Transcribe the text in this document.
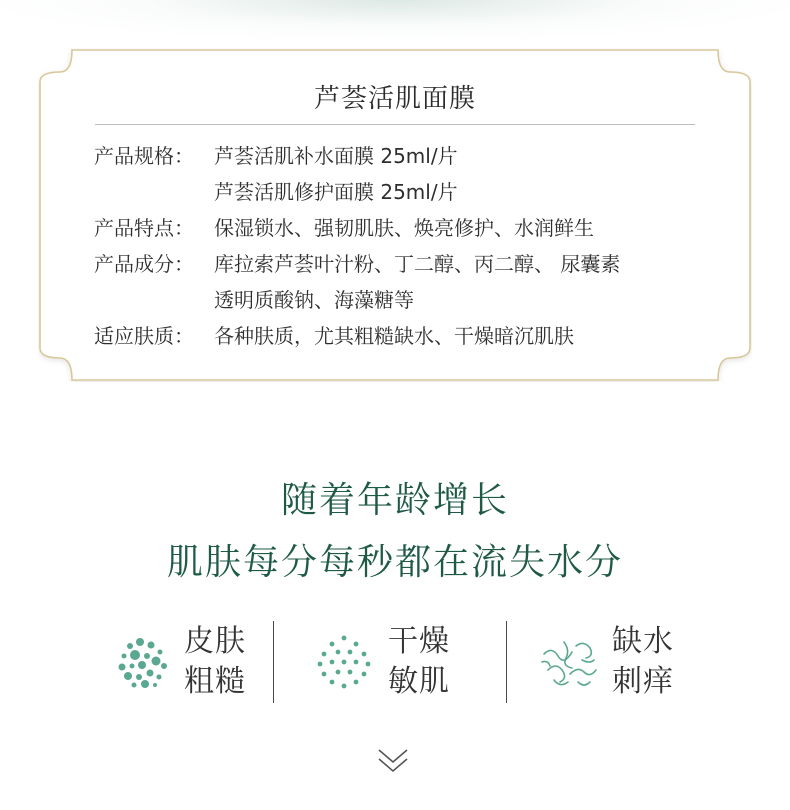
芦荟活肌面膜
产品规格： 芦荟活肌补水面膜 25ml/片
芦荟活肌修护面膜 25ml/片
产品特点： 保湿锁水、强韧肌肤、焕亮修护、水润鲜生
产品成分： 库拉索芦荟叶汁粉、丁二醇、丙二醇、 尿囊素
透明质酸钠、海藻糖等
适应肤质： 各种肤质，尤其粗糙缺水、干燥暗沉肌肤
随着年龄增长
肌肤每分每秒都在流失水分
皮肤
粗糙
干燥
敏肌
缺水
刺痒
